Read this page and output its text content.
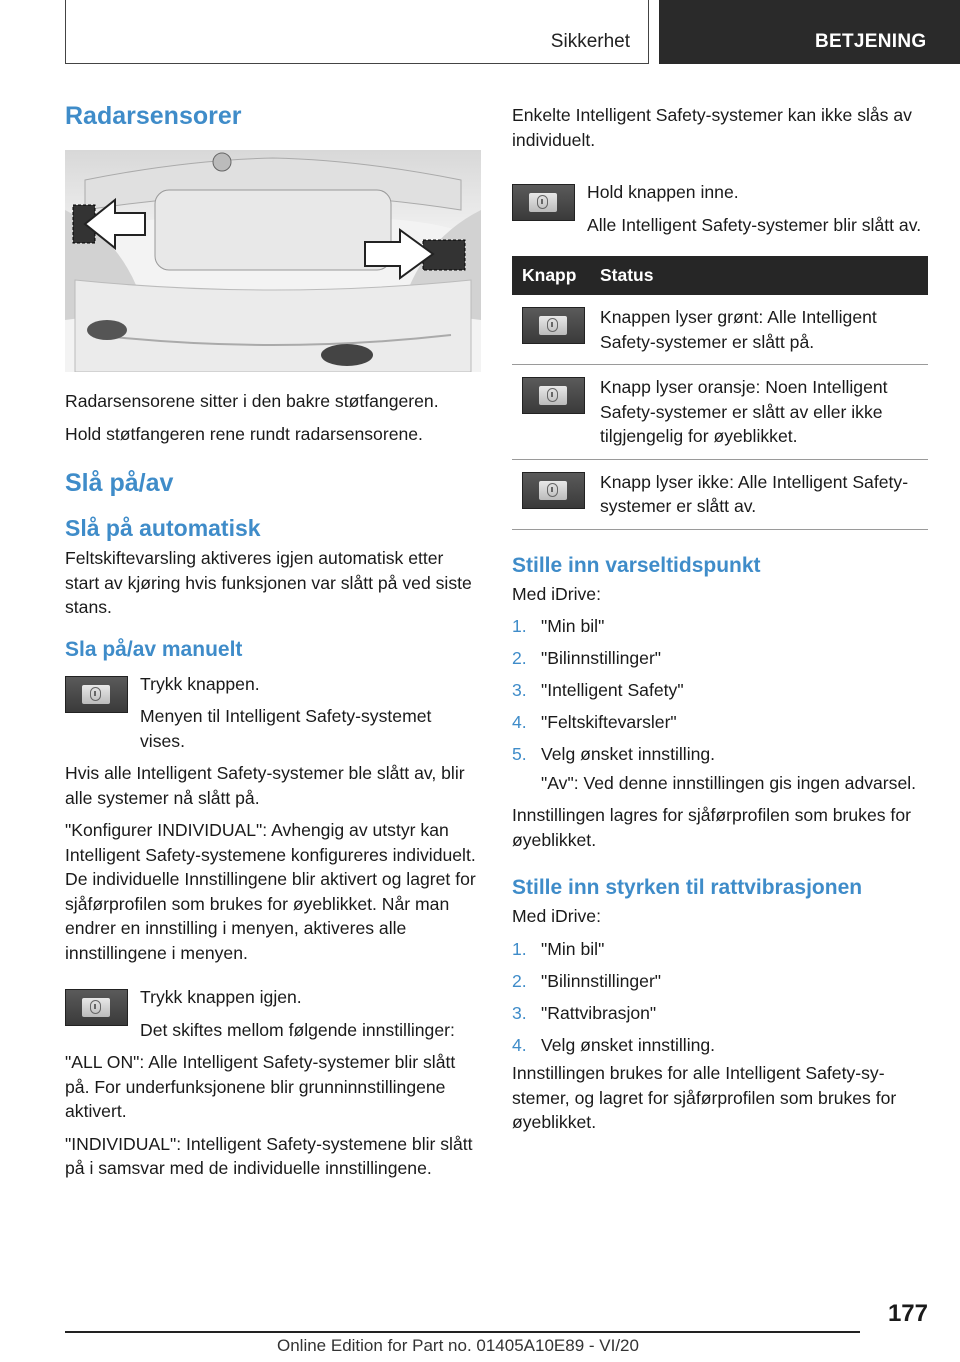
Sikkerhet	BETJENING
Radarsensorer

Radarsensorene sitter i den bakre støtfangeren.

Hold støtfangeren rene rundt radarsensorene.

Slå på/av
Slå på automatisk

Feltskiftevarsling aktiveres igjen automatisk etter start av kjøring hvis funksjonen var slått på ved siste stans.

Sla på/av manuelt

Trykk knappen.

Menyen til Intelligent Safety-systemet vises.

Hvis alle Intelligent Safety-systemer ble slått av, blir alle systemer nå slått på.

"Konfigurer INDIVIDUAL": Avhengig av utstyr kan Intelligent Safety-systemene konfigureres individuelt. De individuelle Innstillingene blir aktivert og lagret for sjåførprofilen som brukes for øyeblikket. Når man endrer en innstilling i menyen, aktiveres alle innstillingene i menyen.

Trykk knappen igjen.

Det skiftes mellom følgende innstillinger:

"ALL ON": Alle Intelligent Safety-systemer blir slått på. For underfunksjonene blir grunninnstillingene aktivert.

"INDIVIDUAL": Intelligent Safety-systemene blir slått på i samsvar med de individuelle innstillingene.

Enkelte Intelligent Safety-systemer kan ikke slås av individuelt.

Hold knappen inne.

Alle Intelligent Safety-systemer blir slått av.

Knapp	Status

	Knappen lyser grønt: Alle Intelligent Safety-systemer er slått på.

	Knapp lyser oransje: Noen Intelligent Safety-systemer er slått av eller ikke tilgjengelig for øyeblikket.

	Knapp lyser ikke: Alle Intelligent Safety-systemer er slått av.
Stille inn varseltidspunkt

Med iDrive:

1. "Min bil"
2. "Bilinnstillinger"
3. "Intelligent Safety"
4. "Feltskiftevarsler"
5. Velg ønsket innstilling.

"Av": Ved denne innstillingen gis ingen advarsel.

Innstillingen lagres for sjåførprofilen som brukes for øyeblikket.

Stille inn styrken til rattvibrasjonen

Med iDrive:

1. "Min bil"
2. "Bilinnstillinger"
3. "Rattvibrasjon"
4. Velg ønsket innstilling.

Innstillingen brukes for alle Intelligent Safety-systemer, og lagret for sjåførprofilen som brukes for øyeblikket.

177
Online Edition for Part no. 01405A10E89 - VI/20
